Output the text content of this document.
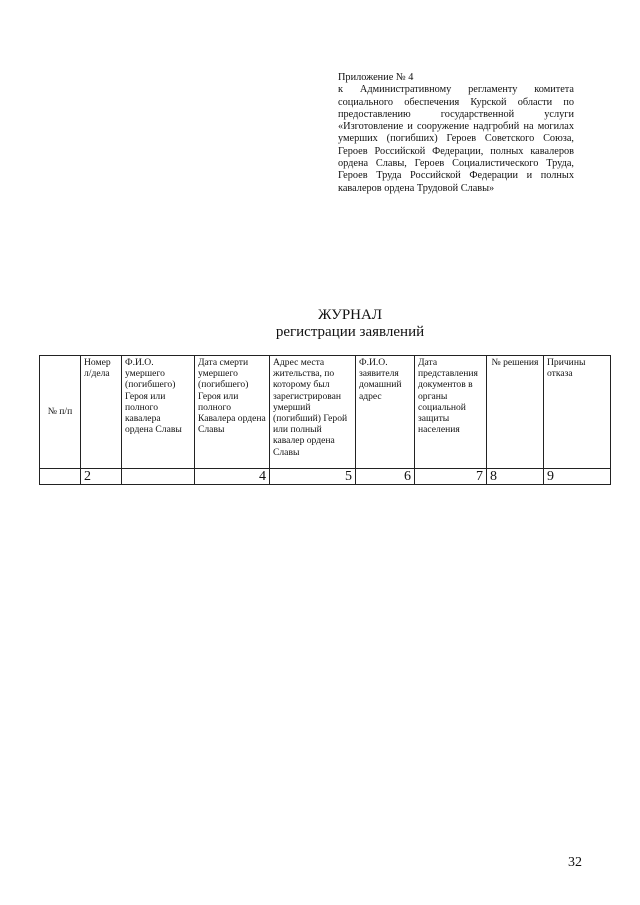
Приложение № 4
к Административному регламенту комитета социального обеспечения Курской области по предоставлению государственной услуги «Изготовление и сооружение надгробий на могилах умерших (погибших) Героев Советского Союза, Героев Российской Федерации, полных кавалеров ордена Славы, Героев Социалистического Труда, Героев Труда Российской Федерации и полных кавалеров ордена Трудовой Славы»
ЖУРНАЛ
регистрации заявлений
№ п/п	Номер л/дела	Ф.И.О. умершего (погибшего) Героя или полного кавалера ордена Славы	Дата смерти умершего (погибшего) Героя или полного Кавалера ордена Славы	Адрес места жительства, по которому был зарегистрирован умерший (погибший) Герой или полный кавалер ордена Славы	Ф.И.О. заявителя домашний адрес	Дата представления документов в органы социальной защиты населения	№ решения	Причины отказа
	2		4	5	6	7	8	9
32
